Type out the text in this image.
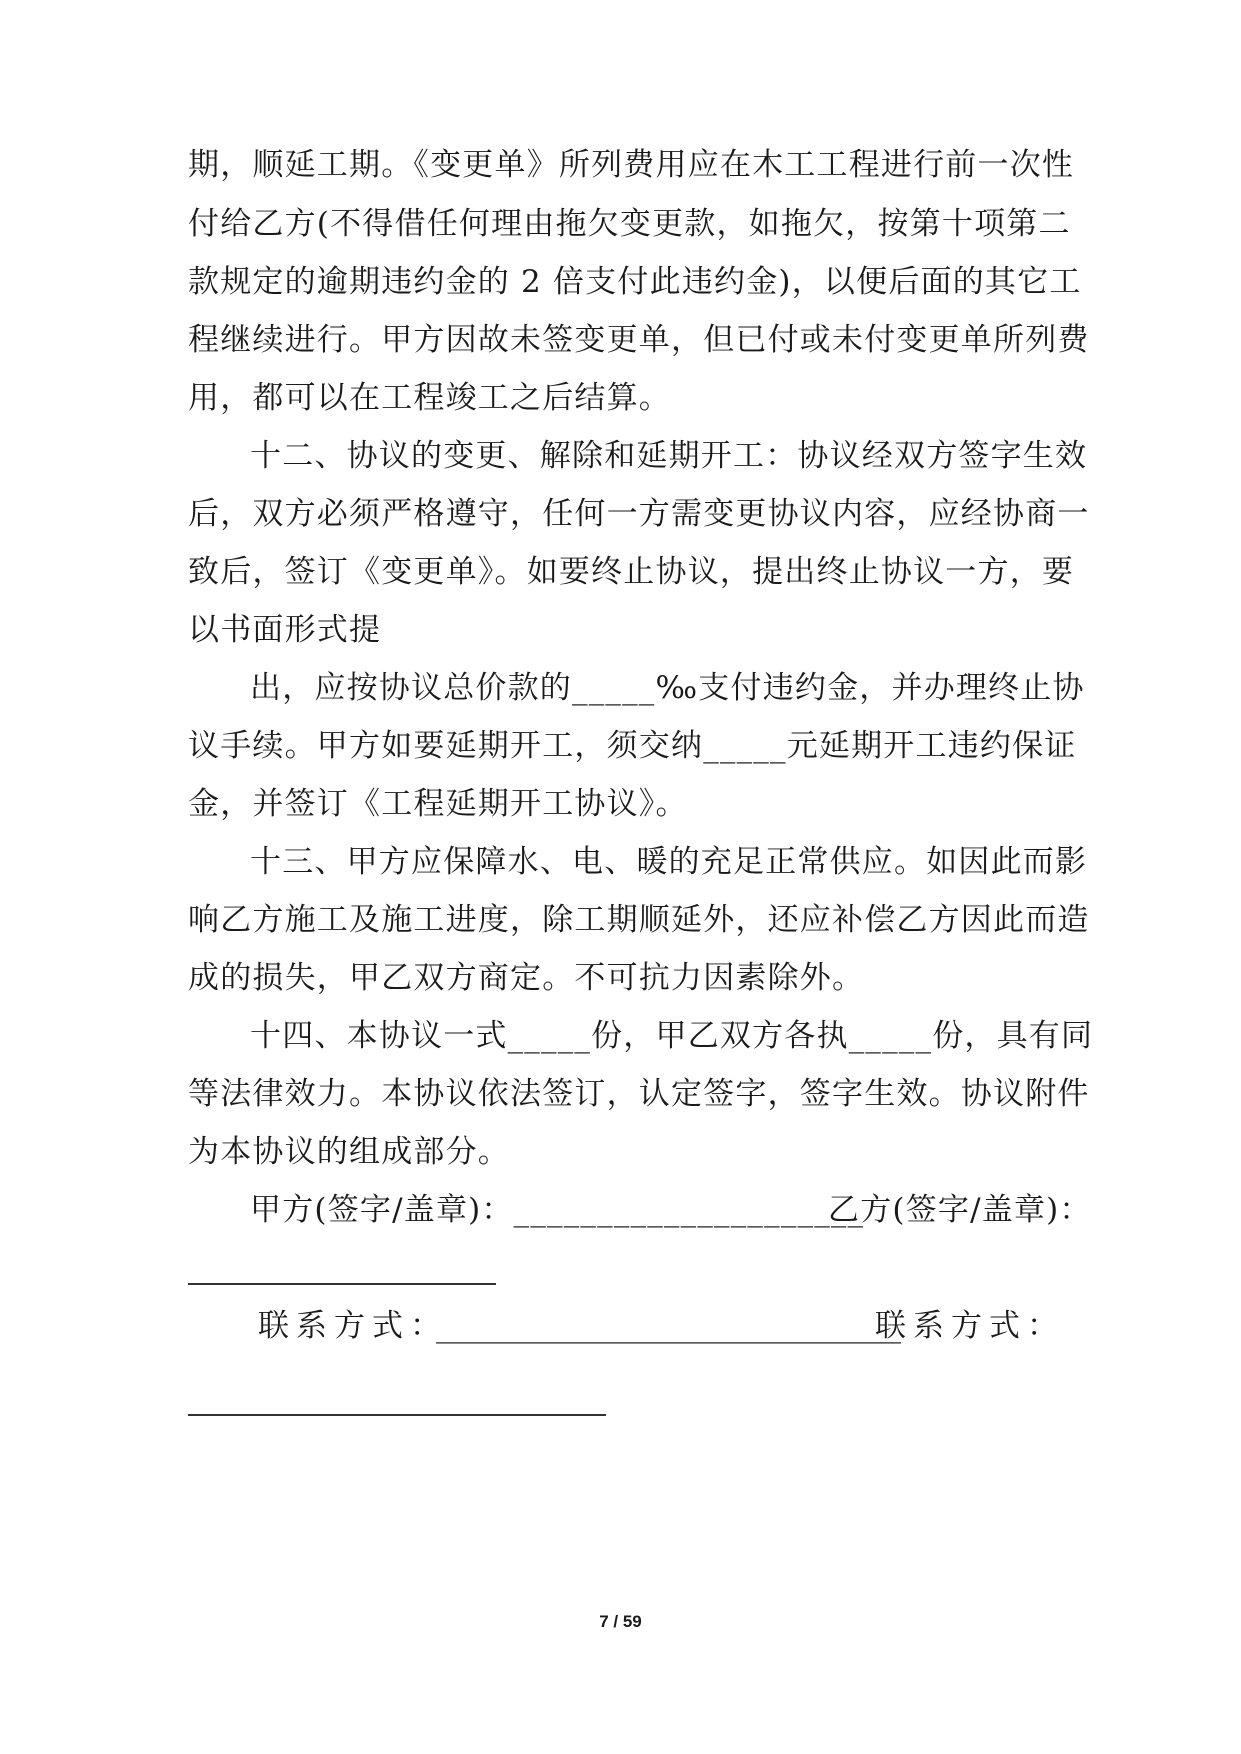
期，顺延工期。《变更单》所列费用应在木工工程进行前一次性
付给乙方(不得借任何理由拖欠变更款，如拖欠，按第十项第二
款规定的逾期违约金的 2 倍支付此违约金)，以便后面的其它工
程继续进行。甲方因故未签变更单，但已付或未付变更单所列费
用，都可以在工程竣工之后结算。
十二、协议的变更、解除和延期开工：协议经双方签字生效
后，双方必须严格遵守，任何一方需变更协议内容，应经协商一
致后，签订《变更单》。如要终止协议，提出终止协议一方，要
以书面形式提
出，应按协议总价款的_____‰支付违约金，并办理终止协
议手续。甲方如要延期开工，须交纳_____元延期开工违约保证
金，并签订《工程延期开工协议》。
十三、甲方应保障水、电、暖的充足正常供应。如因此而影
响乙方施工及施工进度，除工期顺延外，还应补偿乙方因此而造
成的损失，甲乙双方商定。不可抗力因素除外。
十四、本协议一式_____份，甲乙双方各执_____份，具有同
等法律效力。本协议依法签订，认定签字，签字生效。协议附件
为本协议的组成部分。
甲方(签字/盖章)：_____________________
乙方(签字/盖章)：
联系方式：
______________________________
联系方式：
7 / 59
